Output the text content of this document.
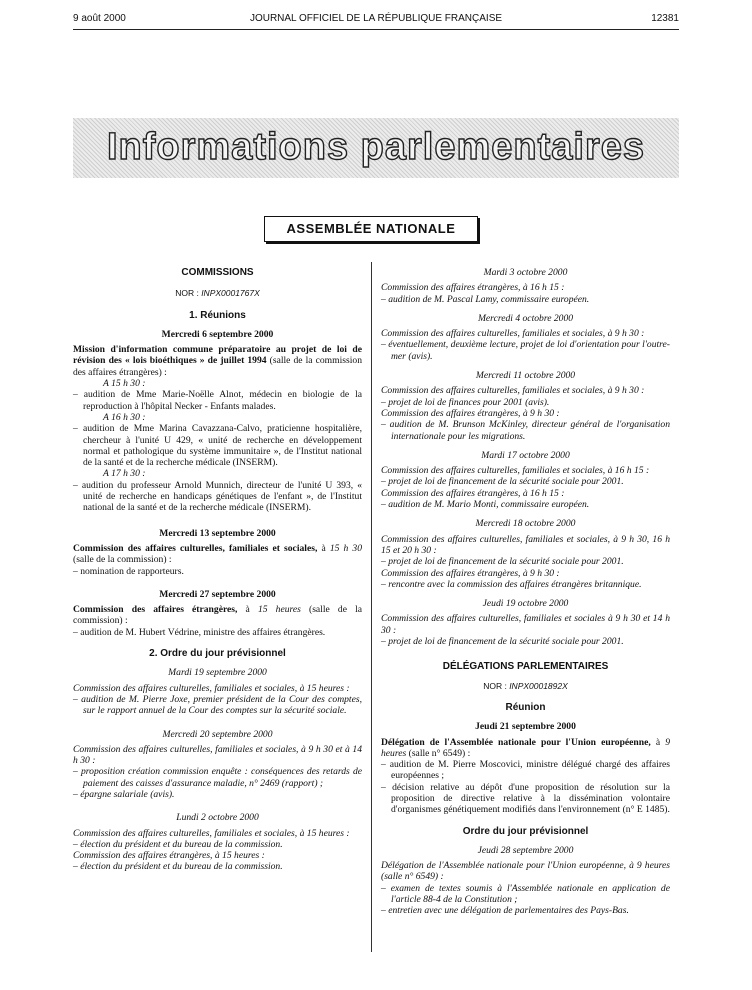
9 août 2000	JOURNAL OFFICIEL DE LA RÉPUBLIQUE FRANÇAISE	12381
Informations parlementaires
ASSEMBLÉE NATIONALE
COMMISSIONS
NOR : INPX0001767X
1. Réunions
Mercredi 6 septembre 2000

Mission d'information commune préparatoire au projet de loi de révision des « lois bioéthiques » de juillet 1994 (salle de la commission des affaires étrangères) :

A 15 h 30 :

– audition de Mme Marie-Noëlle Alnot, médecin en biologie de la reproduction à l'hôpital Necker - Enfants malades.

A 16 h 30 :

– audition de Mme Marina Cavazzana-Calvo, praticienne hospitalière, chercheur à l'unité U 429, « unité de recherche en développement normal et pathologique du système immunitaire », de l'Institut national de la santé et de la recherche médicale (INSERM).

A 17 h 30 :

– audition du professeur Arnold Munnich, directeur de l'unité U 393, « unité de recherche en handicaps génétiques de l'enfant », de l'Institut national de la santé et de la recherche médicale (INSERM).

Mercredi 13 septembre 2000

Commission des affaires culturelles, familiales et sociales, à 15 h 30 (salle de la commission) :

– nomination de rapporteurs.

Mercredi 27 septembre 2000

Commission des affaires étrangères, à 15 heures (salle de la commission) :

– audition de M. Hubert Védrine, ministre des affaires étrangères.

2. Ordre du jour prévisionnel
Mardi 19 septembre 2000

Commission des affaires culturelles, familiales et sociales, à 15 heures :

– audition de M. Pierre Joxe, premier président de la Cour des comptes, sur le rapport annuel de la Cour des comptes sur la sécurité sociale.

Mercredi 20 septembre 2000

Commission des affaires culturelles, familiales et sociales, à 9 h 30 et à 14 h 30 :

– proposition création commission enquête : conséquences des retards de paiement des caisses d'assurance maladie, n° 2469 (rapport) ;

– épargne salariale (avis).

Lundi 2 octobre 2000

Commission des affaires culturelles, familiales et sociales, à 15 heures :

– élection du président et du bureau de la commission.

Commission des affaires étrangères, à 15 heures :

– élection du président et du bureau de la commission.

Mardi 3 octobre 2000

Commission des affaires étrangères, à 16 h 15 :

– audition de M. Pascal Lamy, commissaire européen.

Mercredi 4 octobre 2000

Commission des affaires culturelles, familiales et sociales, à 9 h 30 :

– éventuellement, deuxième lecture, projet de loi d'orientation pour l'outre-mer (avis).

Mercredi 11 octobre 2000

Commission des affaires culturelles, familiales et sociales, à 9 h 30 :

– projet de loi de finances pour 2001 (avis).

Commission des affaires étrangères, à 9 h 30 :

– audition de M. Brunson McKinley, directeur général de l'organisation internationale pour les migrations.

Mardi 17 octobre 2000

Commission des affaires culturelles, familiales et sociales, à 16 h 15 :

– projet de loi de financement de la sécurité sociale pour 2001.

Commission des affaires étrangères, à 16 h 15 :

– audition de M. Mario Monti, commissaire européen.

Mercredi 18 octobre 2000

Commission des affaires culturelles, familiales et sociales, à 9 h 30, 16 h 15 et 20 h 30 :

– projet de loi de financement de la sécurité sociale pour 2001.

Commission des affaires étrangères, à 9 h 30 :

– rencontre avec la commission des affaires étrangères britannique.

Jeudi 19 octobre 2000

Commission des affaires culturelles, familiales et sociales à 9 h 30 et 14 h 30 :

– projet de loi de financement de la sécurité sociale pour 2001.

DÉLÉGATIONS PARLEMENTAIRES
NOR : INPX0001892X
Réunion
Jeudi 21 septembre 2000

Délégation de l'Assemblée nationale pour l'Union européenne, à 9 heures (salle n° 6549) :

– audition de M. Pierre Moscovici, ministre délégué chargé des affaires européennes ;

– décision relative au dépôt d'une proposition de résolution sur la proposition de directive relative à la dissémination volontaire d'organismes génétiquement modifiés dans l'environnement (n° E 1485).

Ordre du jour prévisionnel
Jeudi 28 septembre 2000

Délégation de l'Assemblée nationale pour l'Union européenne, à 9 heures (salle n° 6549) :

– examen de textes soumis à l'Assemblée nationale en application de l'article 88-4 de la Constitution ;

– entretien avec une délégation de parlementaires des Pays-Bas.
